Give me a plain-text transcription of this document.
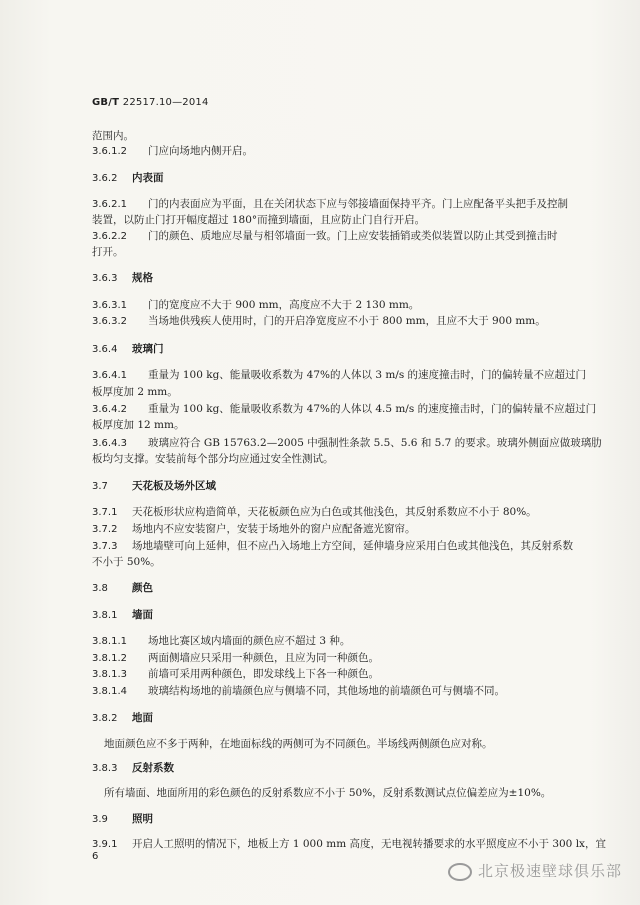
GB/T 22517.10—2014
范围内。
3.6.1.2 门应向场地内侧开启。
3.6.2 内表面
3.6.2.1 门的内表面应为平面，且在关闭状态下应与邻接墙面保持平齐。门上应配备平头把手及控制
装置，以防止门打开幅度超过 180°而撞到墙面，且应防止门自行开启。
3.6.2.2 门的颜色、质地应尽量与相邻墙面一致。门上应安装插销或类似装置以防止其受到撞击时
打开。
3.6.3 规格
3.6.3.1 门的宽度应不大于 900 mm，高度应不大于 2 130 mm。
3.6.3.2 当场地供残疾人使用时，门的开启净宽度应不小于 800 mm，且应不大于 900 mm。
3.6.4 玻璃门
3.6.4.1 重量为 100 kg、能量吸收系数为 47%的人体以 3 m/s 的速度撞击时，门的偏转量不应超过门
板厚度加 2 mm。
3.6.4.2 重量为 100 kg、能量吸收系数为 47%的人体以 4.5 m/s 的速度撞击时，门的偏转量不应超过门
板厚度加 12 mm。
3.6.4.3 玻璃应符合 GB 15763.2—2005 中强制性条款 5.5、5.6 和 5.7 的要求。玻璃外侧面应做玻璃肋
板均匀支撑。安装前每个部分均应通过安全性测试。
3.7 天花板及场外区域
3.7.1 天花板形状应构造简单，天花板颜色应为白色或其他浅色，其反射系数应不小于 80%。
3.7.2 场地内不应安装窗户，安装于场地外的窗户应配备遮光窗帘。
3.7.3 场地墙壁可向上延伸，但不应凸入场地上方空间，延伸墙身应采用白色或其他浅色，其反射系数
不小于 50%。
3.8 颜色
3.8.1 墙面
3.8.1.1 场地比赛区域内墙面的颜色应不超过 3 种。
3.8.1.2 两面侧墙应只采用一种颜色，且应为同一种颜色。
3.8.1.3 前墙可采用两种颜色，即发球线上下各一种颜色。
3.8.1.4 玻璃结构场地的前墙颜色应与侧墙不同，其他场地的前墙颜色可与侧墙不同。
3.8.2 地面
地面颜色应不多于两种，在地面标线的两侧可为不同颜色。半场线两侧颜色应对称。
3.8.3 反射系数
所有墙面、地面所用的彩色颜色的反射系数应不小于 50%，反射系数测试点位偏差应为±10%。
3.9 照明
3.9.1 开启人工照明的情况下，地板上方 1 000 mm 高度，无电视转播要求的水平照度应不小于 300 lx，宜
6
北京极速壁球俱乐部
